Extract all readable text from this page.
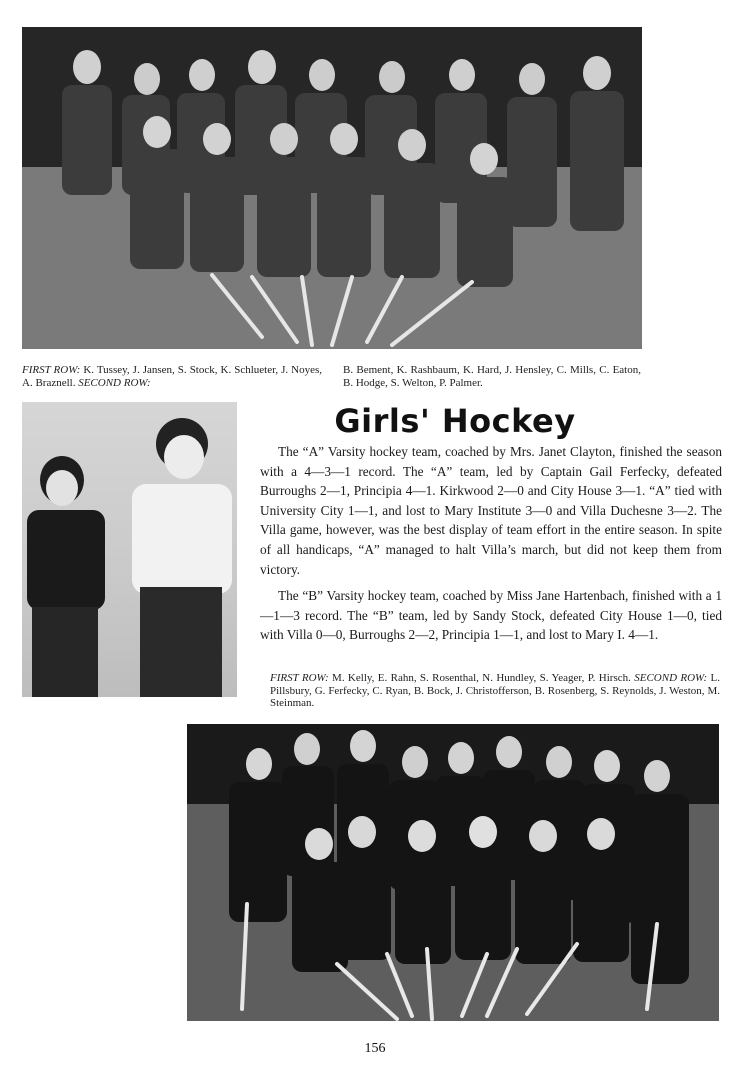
FIRST ROW: K. Tussey, J. Jansen, S. Stock, K. Schlueter, J. Noyes, A. Braznell. SECOND ROW:
B. Bement, K. Rashbaum, K. Hard, J. Hensley, C. Mills, C. Eaton, B. Hodge, S. Welton, P. Palmer.
Girls' Hockey

The “A” Varsity hockey team, coached by Mrs. Janet Clayton, finished the season with a 4—3—1 record. The “A” team, led by Captain Gail Ferfecky, defeated Burroughs 2—1, Principia 4—1. Kirkwood 2—0 and City House 3—1. “A” tied with University City 1—1, and lost to Mary Institute 3—0 and Villa Duchesne 3—2. The Villa game, however, was the best display of team effort in the entire season. In spite of all handicaps, “A” managed to halt Villa’s march, but did not keep them from victory.

The “B” Varsity hockey team, coached by Miss Jane Hartenbach, finished with a 1—1—3 record. The “B” team, led by Sandy Stock, defeated City House 1—0, tied with Villa 0—0, Burroughs 2—2, Principia 1—1, and lost to Mary I. 4—1.

FIRST ROW: M. Kelly, E. Rahn, S. Rosenthal, N. Hundley, S. Yeager, P. Hirsch. SECOND ROW: L. Pillsbury, G. Ferfecky, C. Ryan, B. Bock, J. Christofferson, B. Rosenberg, S. Reynolds, J. Weston, M. Steinman.
156
